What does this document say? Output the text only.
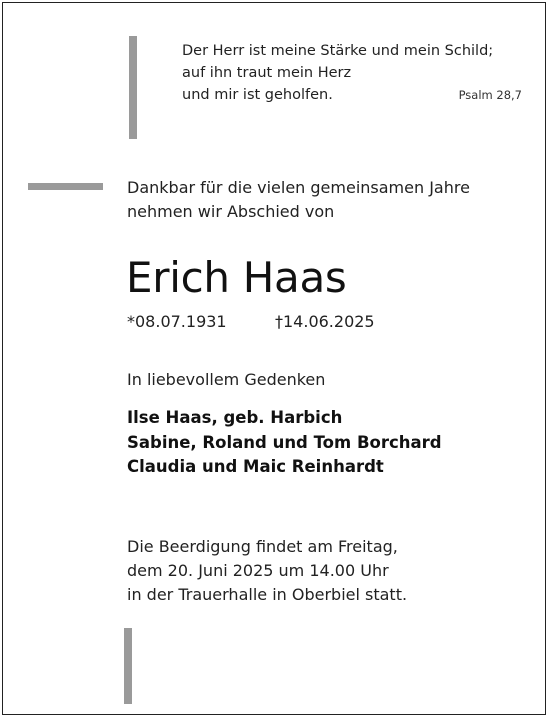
Der Herr ist meine Stärke und mein Schild;
auf ihn traut mein Herz
und mir ist geholfen.	Psalm 28,7
Dankbar für die vielen gemeinsamen Jahre
nehmen wir Abschied von
Erich Haas
*08.07.1931	†14.06.2025
In liebevollem Gedenken
Ilse Haas, geb. Harbich
Sabine, Roland und Tom Borchard
Claudia und Maic Reinhardt
Die Beerdigung findet am Freitag,
dem 20. Juni 2025 um 14.00 Uhr
in der Trauerhalle in Oberbiel statt.
